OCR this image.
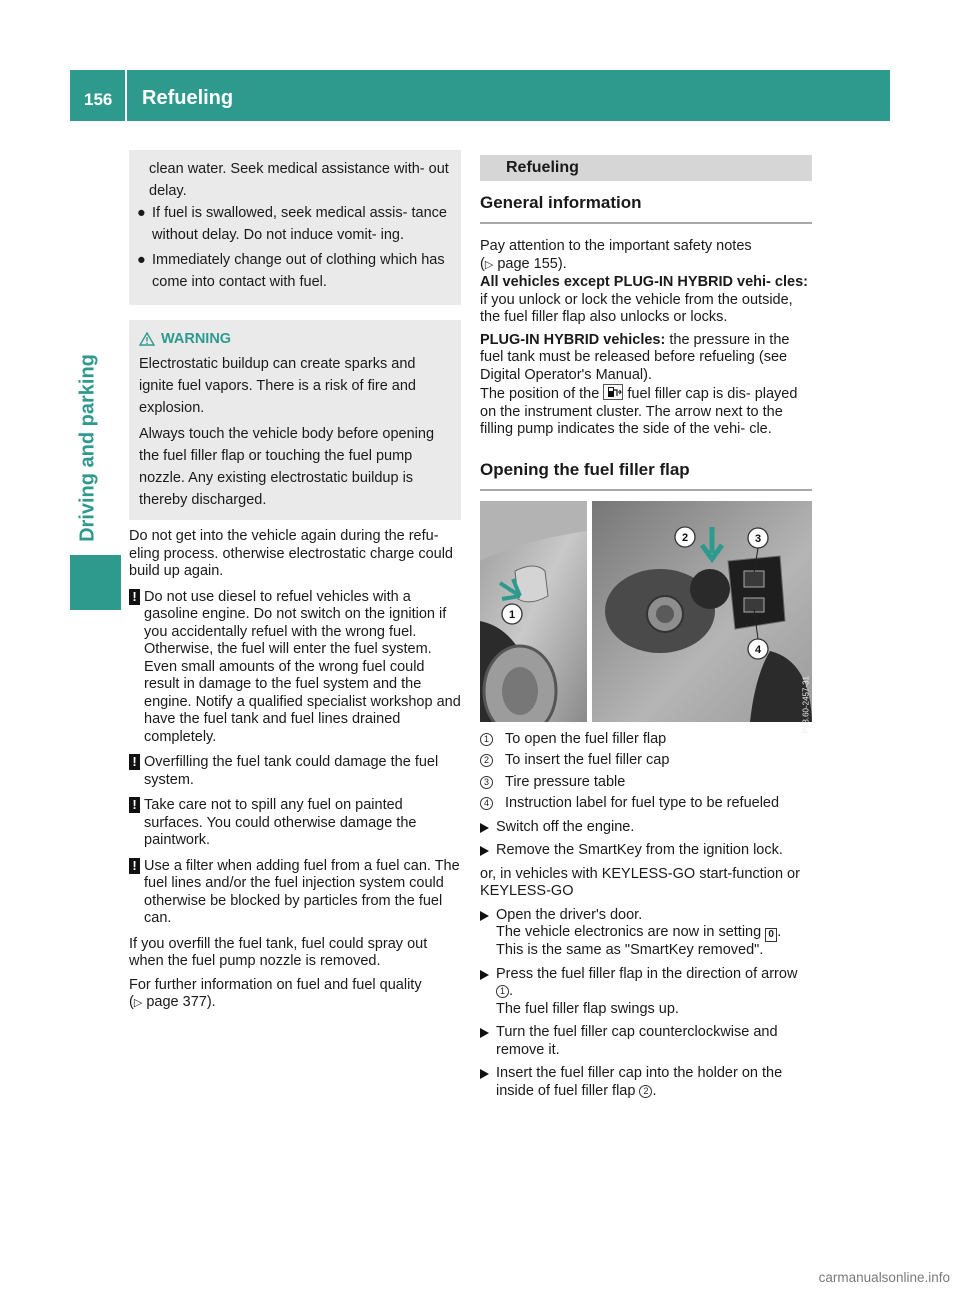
156 Refueling
Driving and parking

clean water. Seek medical assistance with- out delay.

● If fuel is swallowed, seek medical assis- tance without delay. Do not induce vomit- ing.
● Immediately change out of clothing which has come into contact with fuel.
WARNING

Electrostatic buildup can create sparks and ignite fuel vapors. There is a risk of fire and explosion.

Always touch the vehicle body before opening the fuel filler flap or touching the fuel pump nozzle. Any existing electrostatic buildup is thereby discharged.

Do not get into the vehicle again during the refu- eling process. otherwise electrostatic charge could build up again.

! Do not use diesel to refuel vehicles with a gasoline engine. Do not switch on the ignition if you accidentally refuel with the wrong fuel. Otherwise, the fuel will enter the fuel system. Even small amounts of the wrong fuel could result in damage to the fuel system and the engine. Notify a qualified specialist workshop and have the fuel tank and fuel lines drained completely.
! Overfilling the fuel tank could damage the fuel system.
! Take care not to spill any fuel on painted surfaces. You could otherwise damage the paintwork.
! Use a filter when adding fuel from a fuel can. The fuel lines and/or the fuel injection system could otherwise be blocked by particles from the fuel can.

If you overfill the fuel tank, fuel could spray out when the fuel pump nozzle is removed.

For further information on fuel and fuel quality
(▷ page 377).

Refueling
General information

Pay attention to the important safety notes
(▷ page 155).

All vehicles except PLUG-IN HYBRID vehi- cles: if you unlock or lock the vehicle from the outside, the fuel filler flap also unlocks or locks.

PLUG-IN HYBRID vehicles: the pressure in the fuel tank must be released before refueling (see Digital Operator's Manual).

The position of the fuel filler cap is dis- played on the instrument cluster. The arrow next to the filling pump indicates the side of the vehi- cle.

Opening the fuel filler flap
1
2	3
4
P68.60-2457-31
1 To open the fuel filler flap
2 To insert the fuel filler cap
3 Tire pressure table
4 Instruction label for fuel type to be refueled
Switch off the engine.
Remove the SmartKey from the ignition lock.

or, in vehicles with KEYLESS-GO start-function or KEYLESS-GO

Open the driver's door.
The vehicle electronics are now in setting 0 .
This is the same as "SmartKey removed".
Press the fuel filler flap in the direction of arrow 1 .
The fuel filler flap swings up.
Turn the fuel filler cap counterclockwise and remove it.
Insert the fuel filler cap into the holder on the inside of fuel filler flap 2 .
carmanualsonline.info
